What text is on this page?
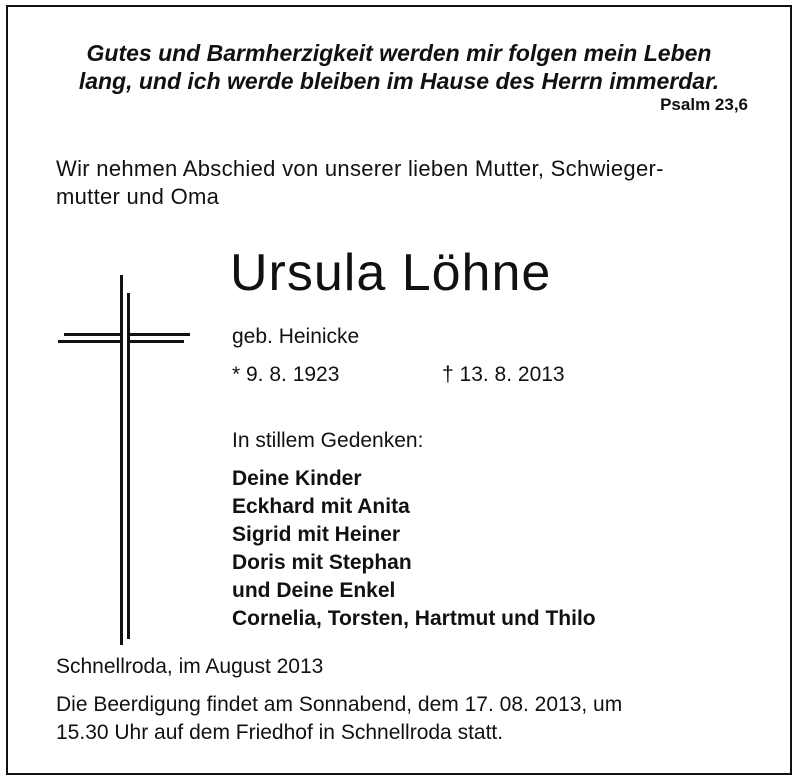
Gutes und Barmherzigkeit werden mir folgen mein Leben
lang, und ich werde bleiben im Hause des Herrn immerdar.
Psalm 23,6
Wir nehmen Abschied von unserer lieben Mutter, Schwieger-
mutter und Oma
Ursula Löhne
geb. Heinicke
* 9. 8. 1923	† 13. 8. 2013
In stillem Gedenken:
Deine Kinder
Eckhard mit Anita
Sigrid mit Heiner
Doris mit Stephan
und Deine Enkel
Cornelia, Torsten, Hartmut und Thilo
Schnellroda, im August 2013
Die Beerdigung findet am Sonnabend, dem 17. 08. 2013, um
15.30 Uhr auf dem Friedhof in Schnellroda statt.
